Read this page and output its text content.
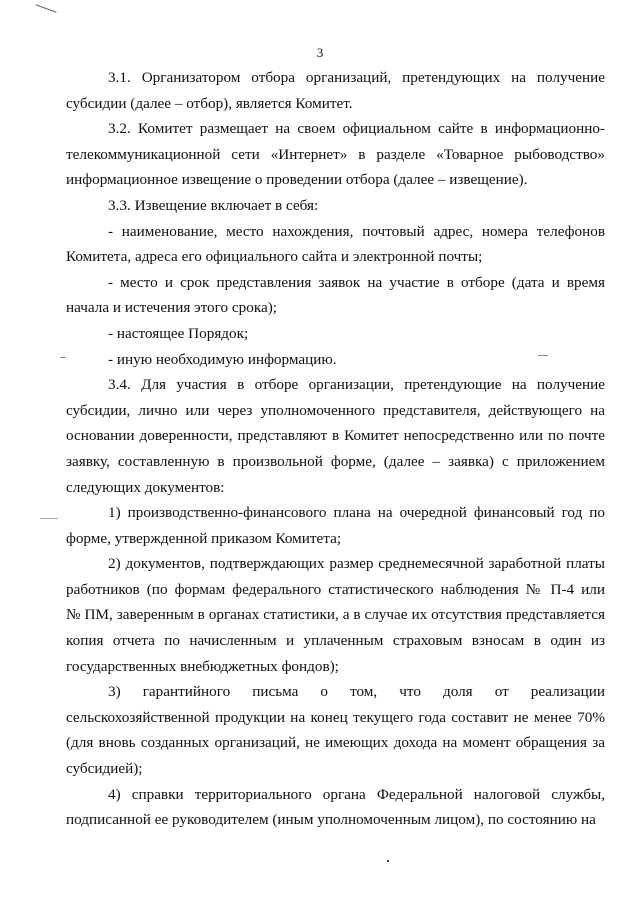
3
3.1. Организатором отбора организаций, претендующих на получение
субсидии (далее – отбор), является Комитет.
3.2. Комитет размещает на своем официальном сайте в информационно-
телекоммуникационной сети «Интернет» в разделе «Товарное рыбоводство»
информационное извещение о проведении отбора (далее – извещение).
3.3. Извещение включает в себя:
- наименование, место нахождения, почтовый адрес, номера телефонов
Комитета, адреса его официального сайта и электронной почты;
- место и срок представления заявок на участие в отборе (дата и время
начала и истечения этого срока);
- настоящее Порядок;
- иную необходимую информацию.
3.4. Для участия в отборе организации, претендующие на получение
субсидии, лично или через уполномоченного представителя, действующего на
основании доверенности, представляют в Комитет непосредственно или по почте
заявку, составленную в произвольной форме, (далее – заявка) с приложением
следующих документов:
1) производственно-финансового плана на очередной финансовый год по
форме, утвержденной приказом Комитета;
2) документов, подтверждающих размер среднемесячной заработной платы
работников (по формам федерального статистического наблюдения № П-4 или
№ ПМ, заверенным в органах статистики, а в случае их отсутствия представляется
копия отчета по начисленным и уплаченным страховым взносам в один из
государственных внебюджетных фондов);
3) гарантийного письма о том, что доля от реализации
сельскохозяйственной продукции на конец текущего года составит не менее 70%
(для вновь созданных организаций, не имеющих дохода на момент обращения за
субсидией);
4) справки территориального органа Федеральной налоговой службы,
подписанной ее руководителем (иным уполномоченным лицом), по состоянию на
